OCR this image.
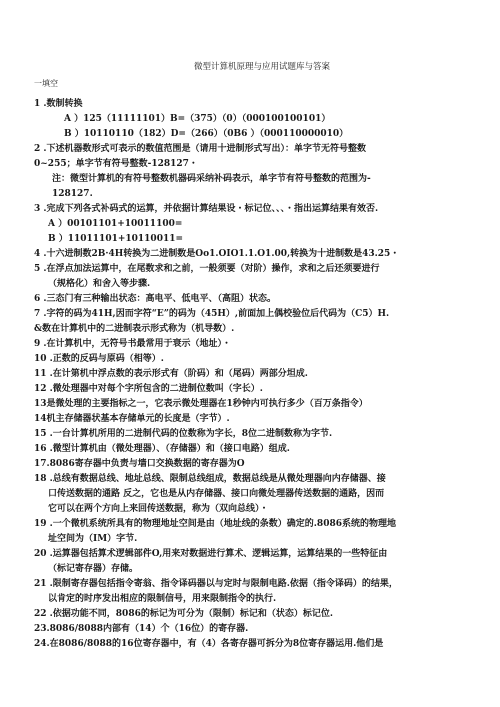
微型计算机原理与应用试题库与答案
一填空
1 .数制转换
A ）125（11111101）B=（375）（0）（000100100101）
B ）10110110（182）D=（266）（0B6 ）（000110000010）
2 .下述机器数形式可表示的数值范围是（请用十进制形式写出）：单字节无符号整数
0~255；单字节有符号整数-128127・
注：微型计算机的有符号整数机器码采纳补码表示，单字节有符号整数的范围为-
128127.
3 .完成下列各式补码式的运算，并依据计算结果设・标记位、、、・指出运算结果有效否.
A ）00101101+10011100=
B ）11011101+10110011=
4 .十六进制数2B·4H转换为二进制数是Oo1.OIO1.1.O1.00,转换为十进制数是43.25・
5 .在浮点加法运算中，在尾数求和之前，一般须要（对阶）操作，求和之后还须要进行
（规格化）和舍入等步骤.
6 .三态门有三种输出状态：高电平、低电平、（高阻）状态。
7 .字符的码为41H,因而字符“E”的码为（45H）,前面加上偶校验位后代码为（C5）H.
&数在计算机中的二进制表示形式称为（机导数）.
9 .在计算机中，无符号书最常用于衰示（地址）・
10 .正数的反码与原码（相等）.
11 .在计第机中浮点数的表示形式有（阶码）和（尾码）两部分坦成.
12 .微处理器中对每个字所包含的二进制位数叫（字长）.
13是微处理的主要指标之一，它表示微处理器在1秒钟内可执行多少（百万条指令）
14机主存储器状基本存储单元的长度是（字节）.
15 .一台计算机所用的二进制代码的位数称为字长，8位二进制数称为字节.
16 .微型计算机由（微处理器）、（存储器）和（接口电路）组成.
17.8086寄存器中负责与墙口交换数据的寄存器为O
18 .总线有数据总线、地址总线、限制总线组成，数据总线是从微处理器向内存储器、接
口传送数据的通路 反之，它也是从内存储器、接口向微处理器传送数据的通路，因而
它可以在两个方向上来回传送数据，称为（双向总线）・
19 .一个微机系统所具有的物理地址空间是由（地址线的条数）确定的.8086系统的物理地
址空间为（IM）字节.
20 .运算器包括算术逻辑部件O,用来对数据进行算术、逻辑运算，运算结果的一些特征由
（标记寄存器）存储。
21 .限制寄存器包括指令寄翁、指令译码器以与定时与限制电路.依据（指令译码）的结果，
以肯定的时序发出相应的限制信号，用来限制指令的执行.
22 .依据功能不同，8086的标记为可分为（限制）标记和（状态）标记位.
23.8086/8088内部有（14）个（16位）的寄存器.
24.在8086/8088的16位寄存器中，有（4）各寄存器可拆分为8位寄存器运用.他们是
